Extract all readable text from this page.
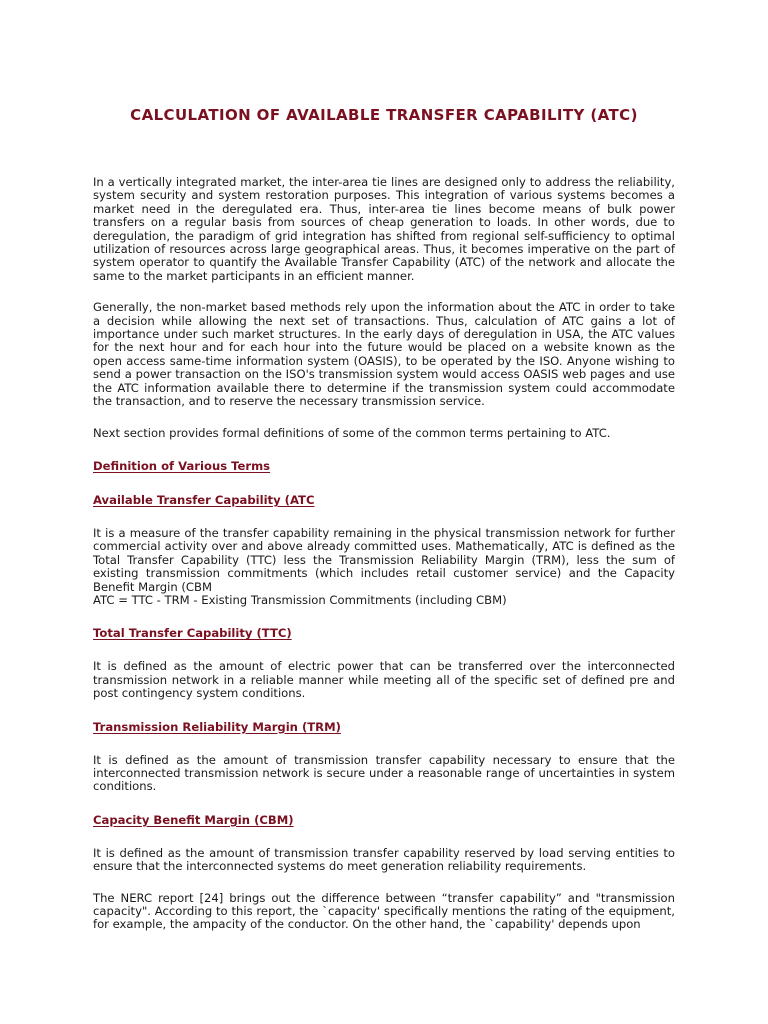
CALCULATION OF AVAILABLE TRANSFER CAPABILITY (ATC)

In a vertically integrated market, the inter-area tie lines are designed only to address the reliability, system security and system restoration purposes. This integration of various systems becomes a market need in the deregulated era. Thus, inter-area tie lines become means of bulk power transfers on a regular basis from sources of cheap generation to loads. In other words, due to deregulation, the paradigm of grid integration has shifted from regional self-sufficiency to optimal utilization of resources across large geographical areas. Thus, it becomes imperative on the part of system operator to quantify the Available Transfer Capability (ATC) of the network and allocate the same to the market participants in an efficient manner.

Generally, the non-market based methods rely upon the information about the ATC in order to take a decision while allowing the next set of transactions. Thus, calculation of ATC gains a lot of importance under such market structures. In the early days of deregulation in USA, the ATC values for the next hour and for each hour into the future would be placed on a website known as the open access same-time information system (OASIS), to be operated by the ISO. Anyone wishing to send a power transaction on the ISO's transmission system would access OASIS web pages and use the ATC information available there to determine if the transmission system could accommodate the transaction, and to reserve the necessary transmission service.

Next section provides formal definitions of some of the common terms pertaining to ATC.

Definition of Various Terms

Available Transfer Capability (ATC

It is a measure of the transfer capability remaining in the physical transmission network for further commercial activity over and above already committed uses. Mathematically, ATC is defined as the Total Transfer Capability (TTC) less the Transmission Reliability Margin (TRM), less the sum of existing transmission commitments (which includes retail customer service) and the Capacity Benefit Margin (CBM
ATC = TTC - TRM - Existing Transmission Commitments (including CBM)

Total Transfer Capability (TTC)

It is defined as the amount of electric power that can be transferred over the interconnected transmission network in a reliable manner while meeting all of the specific set of defined pre and post contingency system conditions.

Transmission Reliability Margin (TRM)

It is defined as the amount of transmission transfer capability necessary to ensure that the interconnected transmission network is secure under a reasonable range of uncertainties in system conditions.

Capacity Benefit Margin (CBM)

It is defined as the amount of transmission transfer capability reserved by load serving entities to ensure that the interconnected systems do meet generation reliability requirements.

The NERC report [24] brings out the difference between “transfer capability” and "transmission capacity". According to this report, the `capacity' specifically mentions the rating of the equipment, for example, the ampacity of the conductor. On the other hand, the `capability' depends upon
